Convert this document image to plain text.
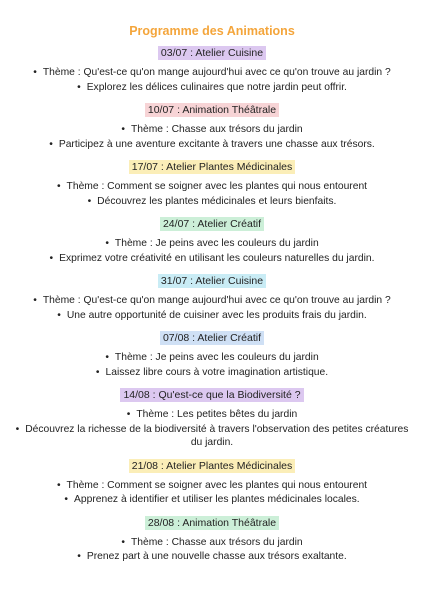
Programme des Animations
03/07 : Atelier Cuisine
• Thème : Qu'est-ce qu'on mange aujourd'hui avec ce qu'on trouve au jardin ?
• Explorez les délices culinaires que notre jardin peut offrir.
10/07 : Animation Théâtrale
• Thème : Chasse aux trésors du jardin
• Participez à une aventure excitante à travers une chasse aux trésors.
17/07 : Atelier Plantes Médicinales
• Thème : Comment se soigner avec les plantes qui nous entourent
• Découvrez les plantes médicinales et leurs bienfaits.
24/07 : Atelier Créatif
• Thème : Je peins avec les couleurs du jardin
• Exprimez votre créativité en utilisant les couleurs naturelles du jardin.
31/07 : Atelier Cuisine
• Thème : Qu'est-ce qu'on mange aujourd'hui avec ce qu'on trouve au jardin ?
• Une autre opportunité de cuisiner avec les produits frais du jardin.
07/08 : Atelier Créatif
• Thème : Je peins avec les couleurs du jardin
• Laissez libre cours à votre imagination artistique.
14/08 : Qu'est-ce que la Biodiversité ?
• Thème : Les petites bêtes du jardin
• Découvrez la richesse de la biodiversité à travers l'observation des petites créatures du jardin.
21/08 : Atelier Plantes Médicinales
• Thème : Comment se soigner avec les plantes qui nous entourent
• Apprenez à identifier et utiliser les plantes médicinales locales.
28/08 : Animation Théâtrale
• Thème : Chasse aux trésors du jardin
• Prenez part à une nouvelle chasse aux trésors exaltante.
